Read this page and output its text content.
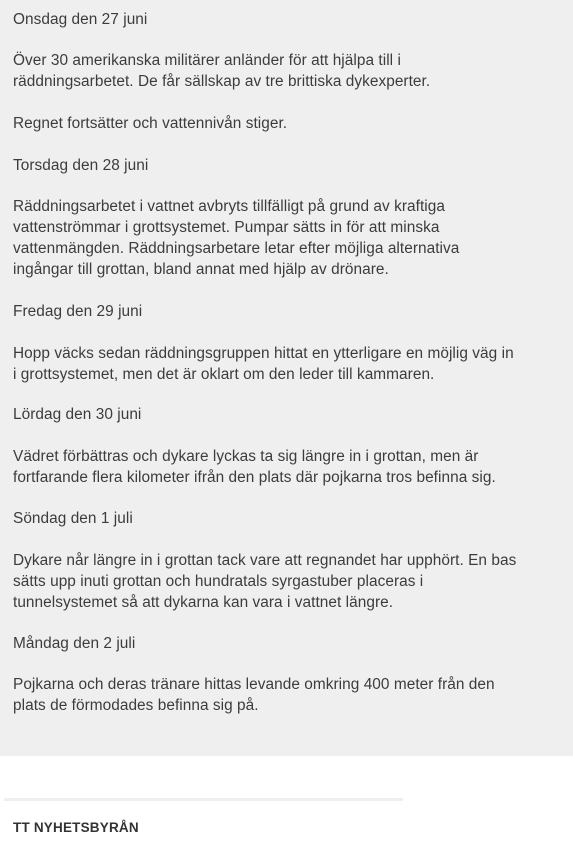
Onsdag den 27 juni

Över 30 amerikanska militärer anländer för att hjälpa till i
räddningsarbetet. De får sällskap av tre brittiska dykexperter.

Regnet fortsätter och vattennivån stiger.

Torsdag den 28 juni

Räddningsarbetet i vattnet avbryts tillfälligt på grund av kraftiga
vattenströmmar i grottsystemet. Pumpar sätts in för att minska
vattenmängden. Räddningsarbetare letar efter möjliga alternativa
ingångar till grottan, bland annat med hjälp av drönare.

Fredag den 29 juni

Hopp väcks sedan räddningsgruppen hittat en ytterligare en möjlig väg in
i grottsystemet, men det är oklart om den leder till kammaren.

Lördag den 30 juni

Vädret förbättras och dykare lyckas ta sig längre in i grottan, men är
fortfarande flera kilometer ifrån den plats där pojkarna tros befinna sig.

Söndag den 1 juli

Dykare når längre in i grottan tack vare att regnandet har upphört. En bas
sätts upp inuti grottan och hundratals syrgastuber placeras i
tunnelsystemet så att dykarna kan vara i vattnet längre.

Måndag den 2 juli

Pojkarna och deras tränare hittas levande omkring 400 meter från den
plats de förmodades befinna sig på.

TT NYHETSBYRÅN
